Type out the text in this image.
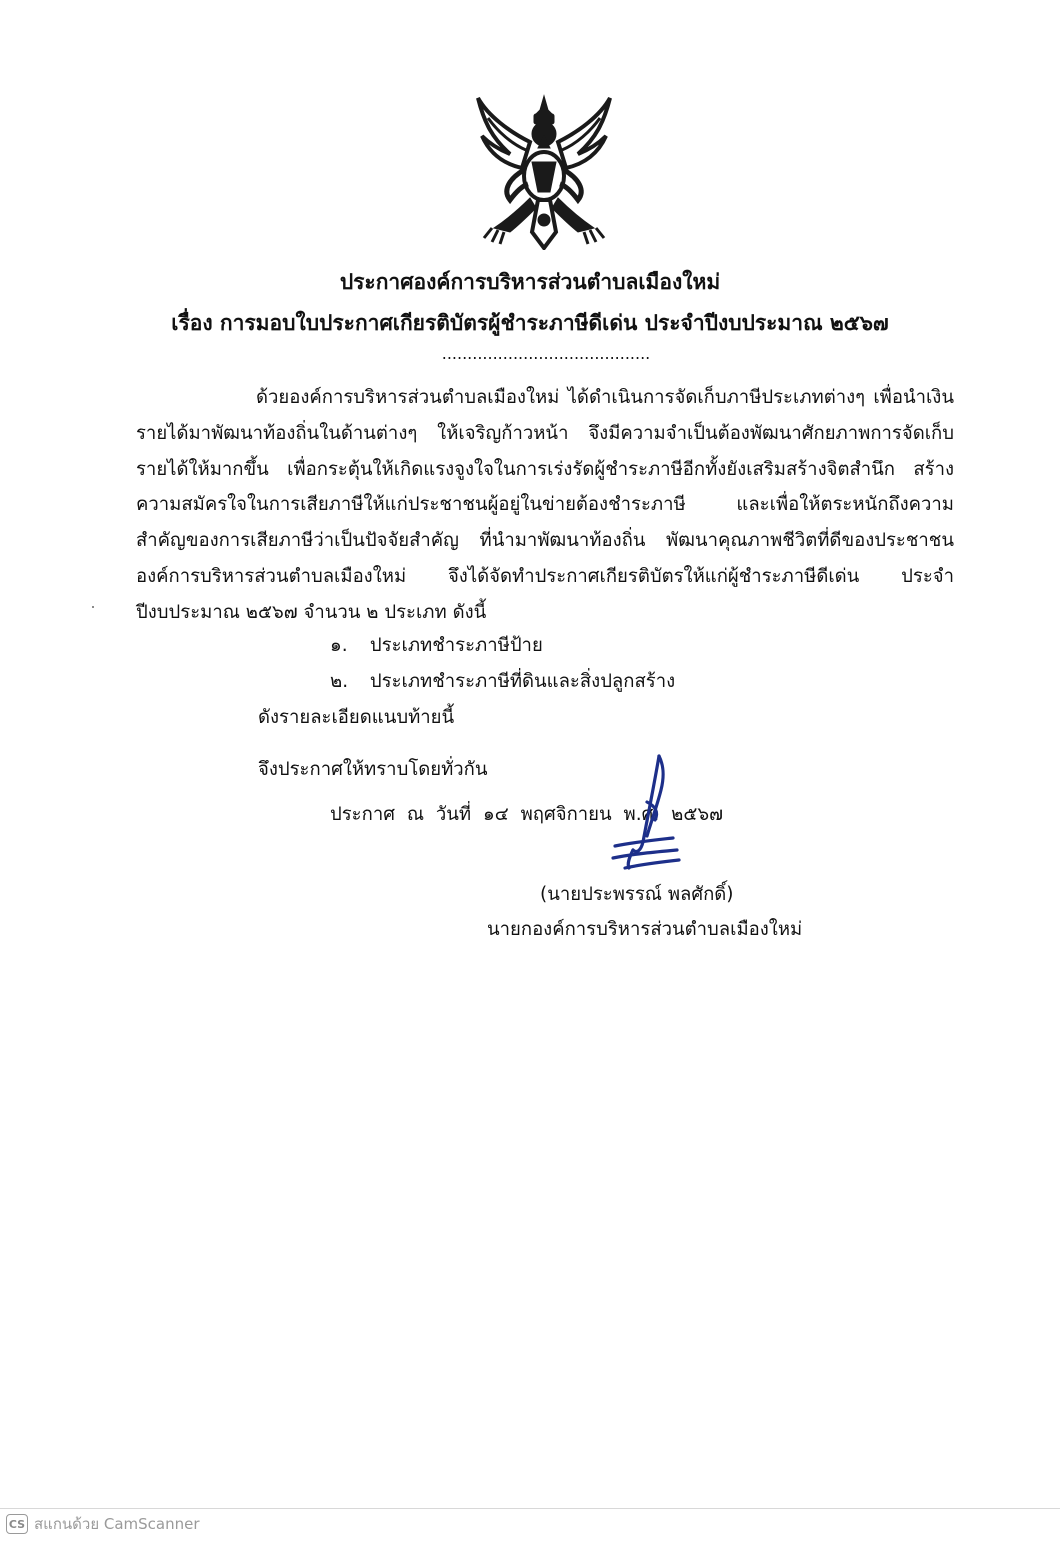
ประกาศองค์การบริหารส่วนตำบลเมืองใหม่
เรื่อง การมอบใบประกาศเกียรติบัตรผู้ชำระภาษีดีเด่น ประจำปีงบประมาณ ๒๕๖๗
.........................................

ด้วยองค์การบริหารส่วนตำบลเมืองใหม่ ได้ดำเนินการจัดเก็บภาษีประเภทต่างๆ เพื่อนำเงินรายได้มาพัฒนาท้องถิ่นในด้านต่างๆ ให้เจริญก้าวหน้า จึงมีความจำเป็นต้องพัฒนาศักยภาพการจัดเก็บรายได้ให้มากขึ้น เพื่อกระตุ้นให้เกิดแรงจูงใจในการเร่งรัดผู้ชำระภาษีอีกทั้งยังเสริมสร้างจิตสำนึก สร้างความสมัครใจในการเสียภาษีให้แก่ประชาชนผู้อยู่ในข่ายต้องชำระภาษี และเพื่อให้ตระหนักถึงความสำคัญของการเสียภาษีว่าเป็นปัจจัยสำคัญ ที่นำมาพัฒนาท้องถิ่น พัฒนาคุณภาพชีวิตที่ดีของประชาชน องค์การบริหารส่วนตำบลเมืองใหม่ จึงได้จัดทำประกาศเกียรติบัตรให้แก่ผู้ชำระภาษีดีเด่น ประจำปีงบประมาณ ๒๕๖๗ จำนวน ๒ ประเภท ดังนี้

๑. ประเภทชำระภาษีป้าย
๒. ประเภทชำระภาษีที่ดินและสิ่งปลูกสร้าง
ดังรายละเอียดแนบท้ายนี้
จึงประกาศให้ทราบโดยทั่วกัน
ประกาศ ณ วันที่ ๑๔ พฤศจิกายน พ.ศ. ๒๕๖๗
(นายประพรรณ์ พลศักดิ์)
นายกองค์การบริหารส่วนตำบลเมืองใหม่
CS สแกนด้วย CamScanner
